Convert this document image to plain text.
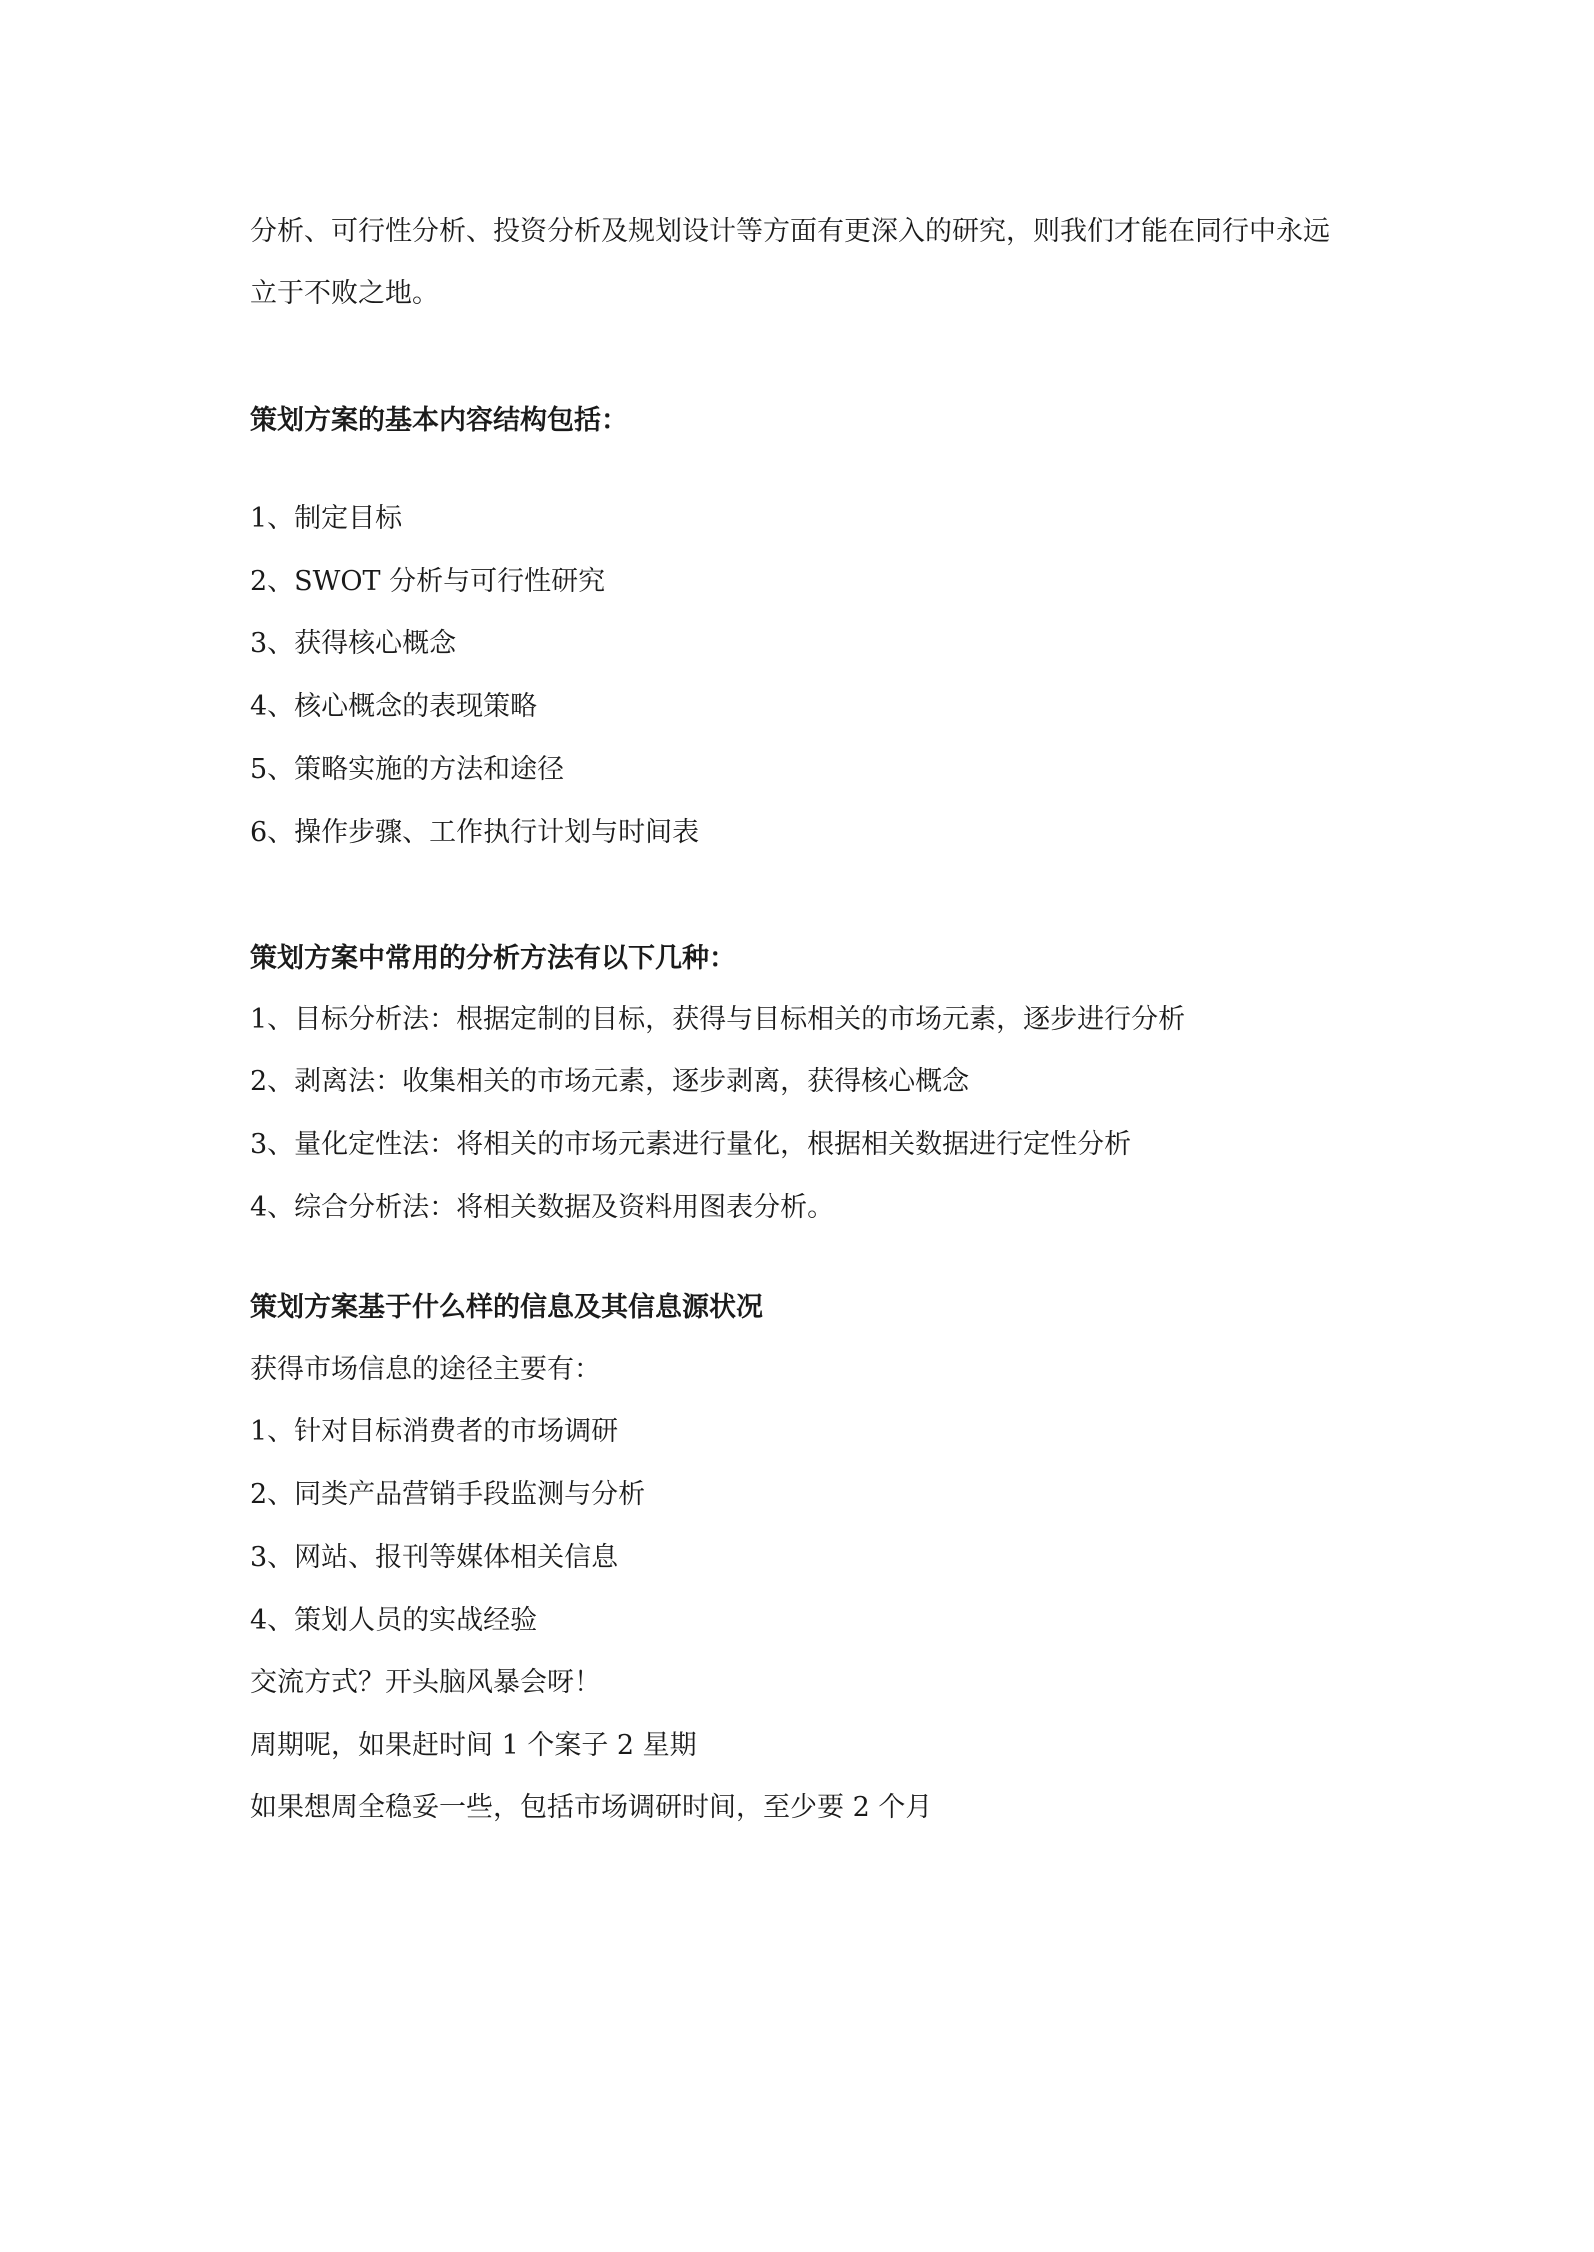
分析、可行性分析、投资分析及规划设计等方面有更深入的研究，则我们才能在同行中永远
立于不败之地。
策划方案的基本内容结构包括：
1、制定目标
2、SWOT 分析与可行性研究
3、获得核心概念
4、核心概念的表现策略
5、策略实施的方法和途径
6、操作步骤、工作执行计划与时间表
策划方案中常用的分析方法有以下几种：
1、目标分析法：根据定制的目标，获得与目标相关的市场元素，逐步进行分析
2、剥离法：收集相关的市场元素，逐步剥离，获得核心概念
3、量化定性法：将相关的市场元素进行量化，根据相关数据进行定性分析
4、综合分析法：将相关数据及资料用图表分析。
策划方案基于什么样的信息及其信息源状况
获得市场信息的途径主要有：
1、针对目标消费者的市场调研
2、同类产品营销手段监测与分析
3、网站、报刊等媒体相关信息
4、策划人员的实战经验
交流方式？开头脑风暴会呀！
周期呢，如果赶时间 1 个案子 2 星期
如果想周全稳妥一些，包括市场调研时间，至少要 2 个月
